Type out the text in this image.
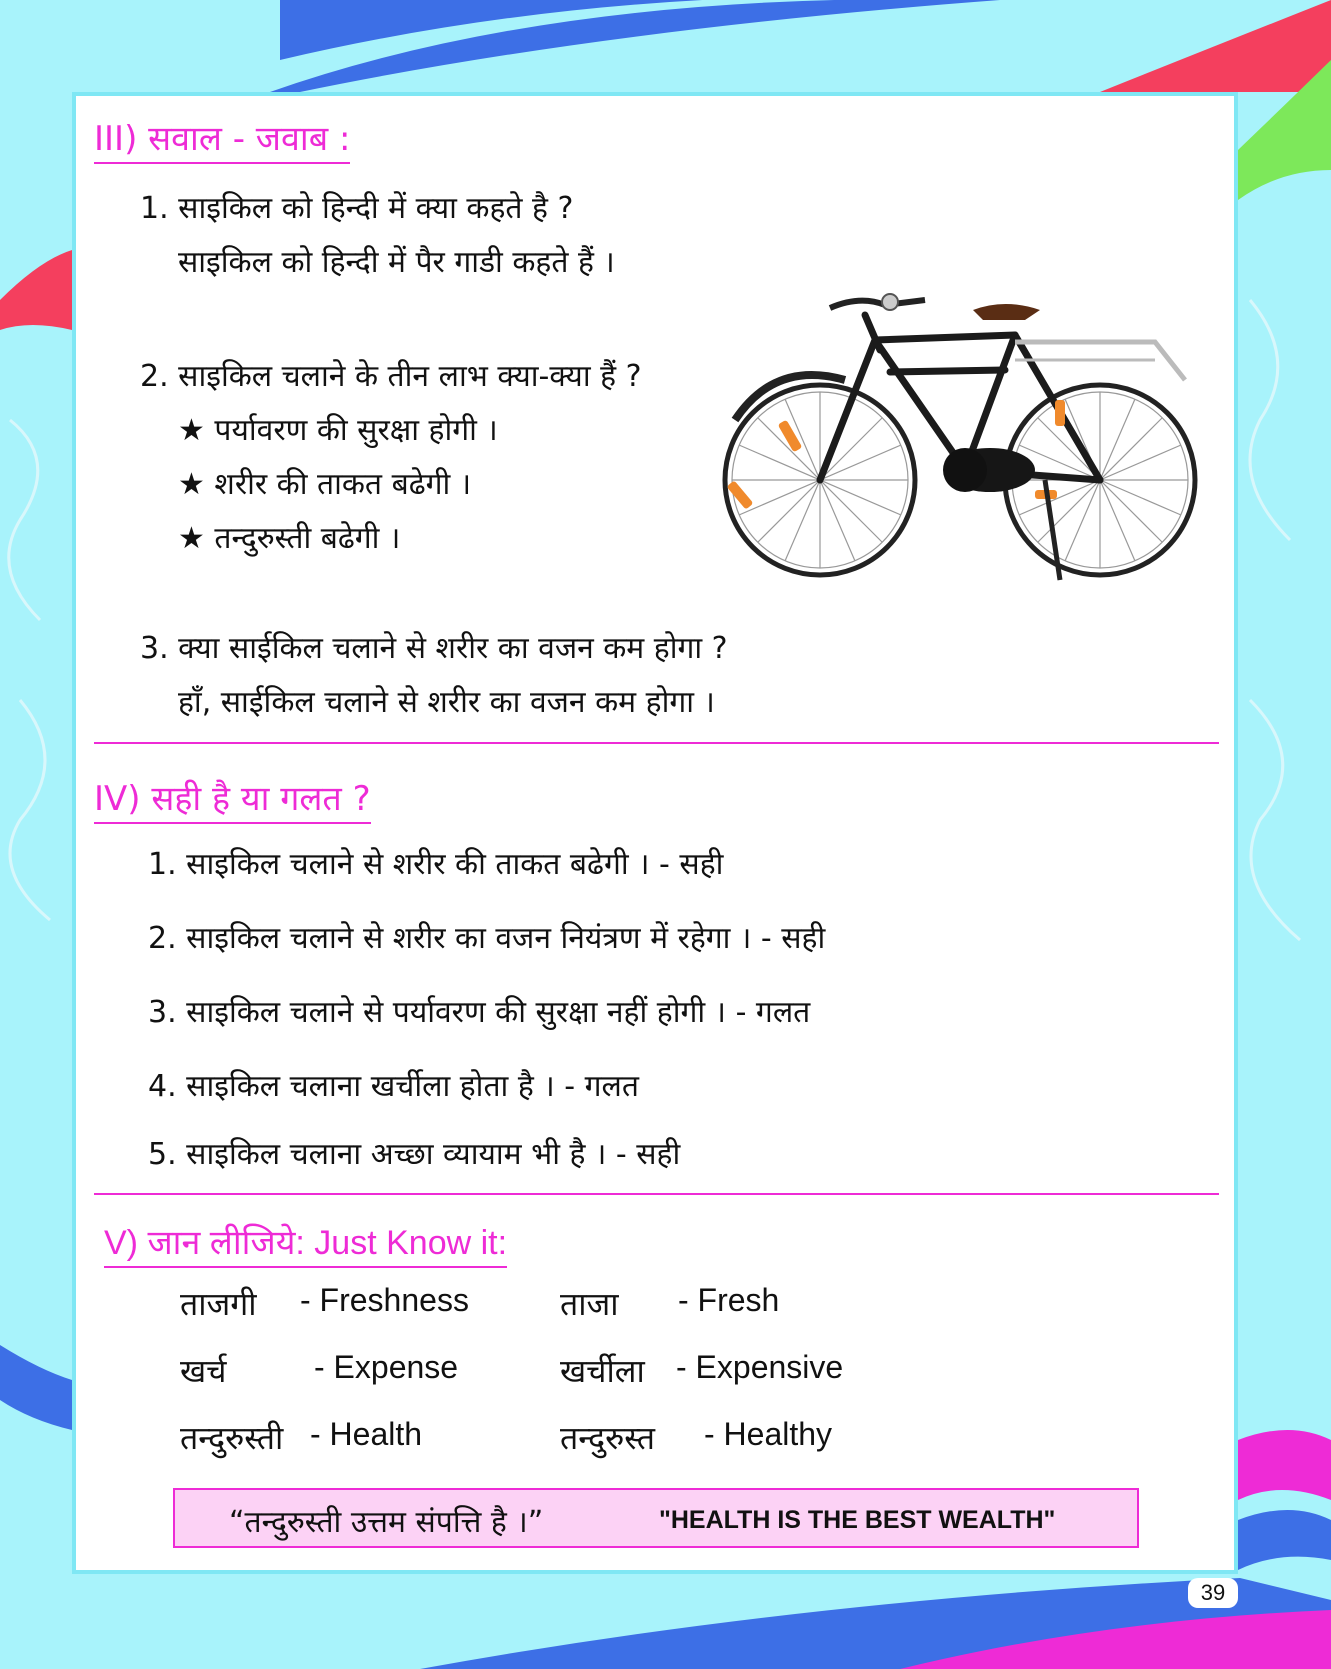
III) सवाल - जवाब :
1. साइकिल को हिन्दी में क्या कहते है ?
साइकिल को हिन्दी में पैर गाडी कहते हैं ।
2. साइकिल चलाने के तीन लाभ क्या-क्या हैं ?
★ पर्यावरण की सुरक्षा होगी ।
★ शरीर की ताकत बढेगी ।
★ तन्दुरुस्ती बढेगी ।
3. क्या साईकिल चलाने से शरीर का वजन कम होगा ?
हाँ, साईकिल चलाने से शरीर का वजन कम होगा ।
IV) सही है या गलत ?
1. साइकिल चलाने से शरीर की ताकत बढेगी । - सही
2. साइकिल चलाने से शरीर का वजन नियंत्रण में रहेगा । - सही
3. साइकिल चलाने से पर्यावरण की सुरक्षा नहीं होगी । - गलत
4. साइकिल चलाना खर्चीला होता है । - गलत
5. साइकिल चलाना अच्छा व्यायाम भी है । - सही
V) जान लीजिये: Just Know it:
ताजगी - Freshness	ताजा - Fresh
खर्च	- Expense	खर्चीला - Expensive
तन्दुरुस्ती - Health	तन्दुरुस्त - Healthy
“तन्दुरुस्ती उत्तम संपत्ति है ।”	"HEALTH IS THE BEST WEALTH"
39
